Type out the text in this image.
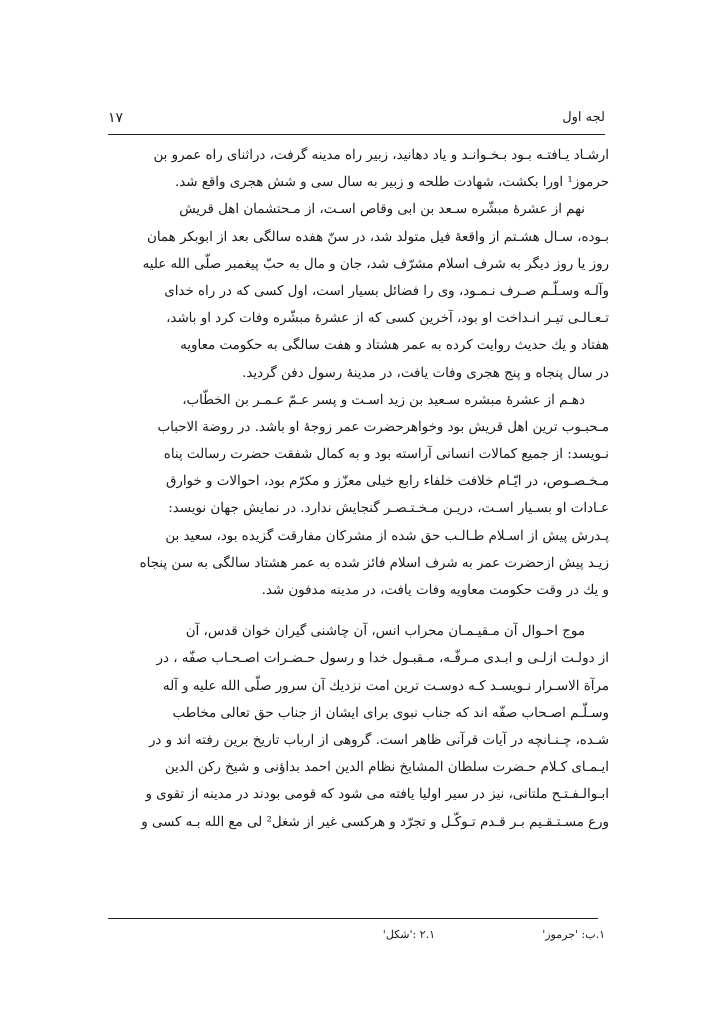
لجه اول
۱۷
ارشـاد یـافتـه بـود بـخـوانـد و یاد دهانید، زبیر راه مدینه گرفت، دراثنای راه عمرو بن
حرموز¹ اورا بکشت، شهادت طلحه و زبیر به سال سی و شش هجری واقع شد.
نهم از عشرهٔ مبشّره سـعد بن ابی وقاص اسـت، از مـحتشمان اهل قریش
بـوده، سـال هشـتم از واقعهٔ فیل متولد شد، در سنّ هفده سالگی بعد از ابوبکر همان
روز یا روز دیگر به شرف اسلام مشرّف شد، جان و مال به حبّ پیغمبر صلّی الله علیه
وآلـه وسـلّـم صـرف نـمـود، وی را فضائل بسیار است، اول کسی که در راه خدای
تـعـالـی تیـر انـداخت او بود، آخرین کسی که از عشرهٔ مبشّره وفات کرد او باشد،
هفتاد و یك حدیث روایت کرده به عمر هشتاد و هفت سالگی به حکومت معاویه
در سال پنجاه و پنج هجری وفات یافت، در مدینهٔ رسول دفن گردید.
دهـم از عشرهٔ مبشره سـعید بن زید اسـت و پسر عـمّ عـمـر بن الخطّاب،
مـحبـوب ترین اهل قریش بود وخواهرحضرت عمر زوجهٔ او باشد. در روضة الاحباب
نـویسد: از جمیع کمالات انسانی آراسته بود و به کمال شفقت حضرت رسالت پناه
مـخـصـوص، در ایّـام خلافت خلفاء رابع خیلی معزّز و مکرّم بود، احوالات و خوارق
عـادات او بسـیار اسـت، دریـن مـخـتـصـر گنجایش ندارد. در نمایش جهان نویسد:
پـدرش پیش از اسـلام طـالـب حق شده از مشرکان مفارقت گزیده بود، سعید بن
زیـد پیش ازحضرت عمر به شرف اسلام فائز شده به عمر هشتاد سالگی به سن پنجاه
و یك در وقت حکومت معاویه وفات یافت، در مدینه مدفون شد.
موج احـوال آن مـقیـمـان محراب انس، آن چاشنی گیران خوان قدس، آن
از دولـت ازلـی و ابـدی مـرفّـه، مـقبـول خدا و رسول حـضـرات اصـحـاب صفّه ، در
مرآة الاسـرار نـویسـد کـه دوسـت ترین امت نزدیك آن سرور صلّی الله علیه و آله
وسـلّـم اصـحاب صفّه اند که جناب نبوی برای ایشان از جناب حق تعالی مخاطب
شـده، چـنـانچه در آیات قرآنی ظاهر است. گروهی از ارباب تاریخ برین رفته اند و در
ایـمـای کـلام حـضرت سلطان المشایخ نظام الدین احمد بداؤنی و شیخ رکن الدین
ابـوالـفـتـح ملتانی، نیز در سیر اولیا یافته می شود که قومی بودند در مدینه از تقوی و
ورع مسـتـقـیم بـر قـدم تـوکّـل و تجرّد و هرکسی غیر از شغل² لی مع الله بـه کسی و
۱.ب: 'جرموز'
۲.۱ :'شکل'
